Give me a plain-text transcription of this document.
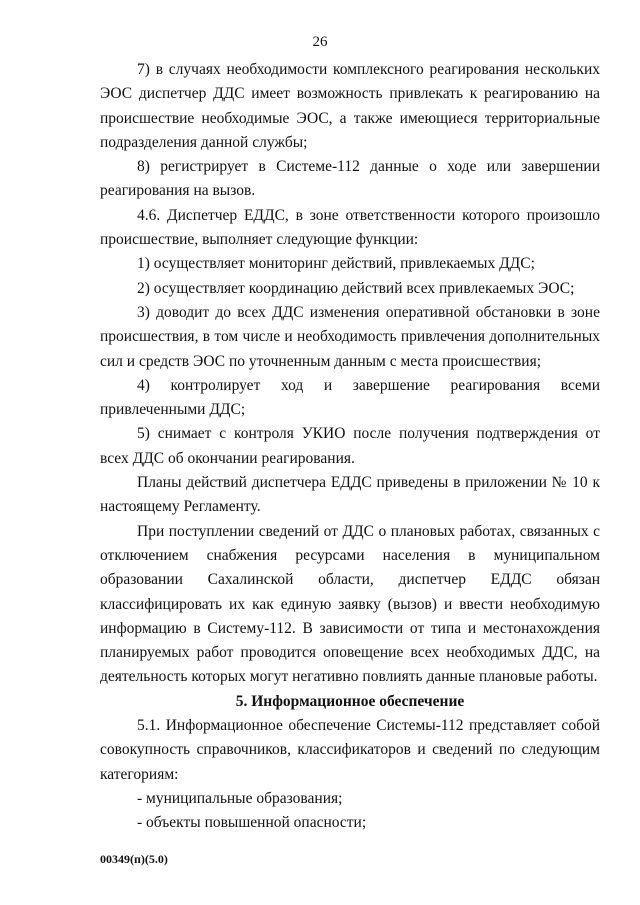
26

7) в случаях необходимости комплексного реагирования нескольких ЭОС диспетчер ДДС имеет возможность привлекать к реагированию на происшествие необходимые ЭОС, а также имеющиеся территориальные подразделения данной службы;

8) регистрирует в Системе-112 данные о ходе или завершении реагирования на вызов.

4.6. Диспетчер ЕДДС, в зоне ответственности которого произошло происшествие, выполняет следующие функции:

1) осуществляет мониторинг действий, привлекаемых ДДС;

2) осуществляет координацию действий всех привлекаемых ЭОС;

3) доводит до всех ДДС изменения оперативной обстановки в зоне происшествия, в том числе и необходимость привлечения дополнительных сил и средств ЭОС по уточненным данным с места происшествия;

4) контролирует ход и завершение реагирования всеми привлеченными ДДС;

5) снимает с контроля УКИО после получения подтверждения от всех ДДС об окончании реагирования.

Планы действий диспетчера ЕДДС приведены в приложении № 10 к настоящему Регламенту.

При поступлении сведений от ДДС о плановых работах, связанных с отключением снабжения ресурсами населения в муниципальном образовании Сахалинской области, диспетчер ЕДДС обязан классифицировать их как единую заявку (вызов) и ввести необходимую информацию в Систему-112. В зависимости от типа и местонахождения планируемых работ проводится оповещение всех необходимых ДДС, на деятельность которых могут негативно повлиять данные плановые работы.

5. Информационное обеспечение

5.1. Информационное обеспечение Системы-112 представляет собой совокупность справочников, классификаторов и сведений по следующим категориям:

- муниципальные образования;

- объекты повышенной опасности;

00349(п)(5.0)
